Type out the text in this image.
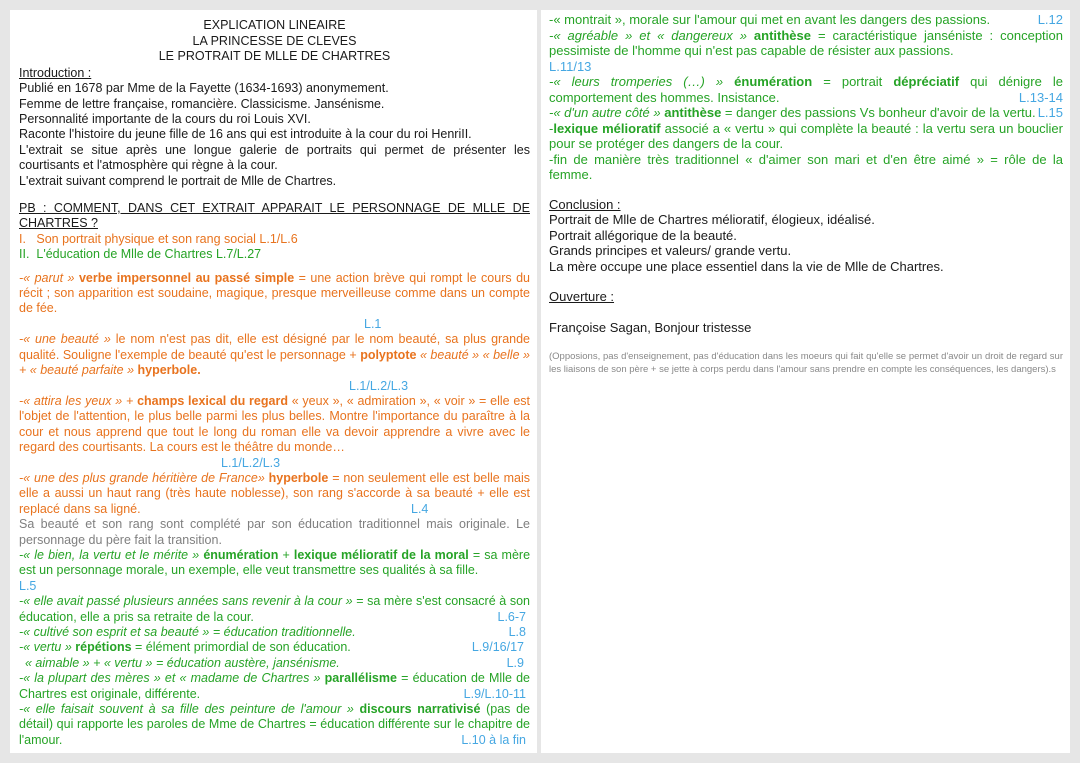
EXPLICATION LINEAIRE
LA PRINCESSE DE CLEVES
LE PROTRAIT DE MLLE DE CHARTRES
Introduction :
Publié en 1678 par Mme de la Fayette (1634-1693) anonymement.
Femme de lettre française, romancière. Classicisme. Jansénisme.
Personnalité importante de la cours du roi Louis XVI.
Raconte l'histoire du jeune fille de 16 ans qui est introduite à la cour du roi HenriII.
L'extrait se situe après une longue galerie de portraits qui permet de présenter les courtisants et l'atmosphère qui règne à la cour.
L'extrait suivant comprend le portrait de Mlle de Chartres.
PB : COMMENT, DANS CET EXTRAIT APPARAIT LE PERSONNAGE DE MLLE DE CHARTRES ?
I. Son portrait physique et son rang social L.1/L.6
II. L'éducation de Mlle de Chartres L.7/L.27
-« parut » verbe impersonnel au passé simple = une action brève qui rompt le cours du récit ; son apparition est soudaine, magique, presque merveilleuse comme dans un compte de fée.
L.1
-« une beauté » le nom n'est pas dit, elle est désigné par le nom beauté, sa plus grande qualité. Souligne l'exemple de beauté qu'est le personnage + polyptote « beauté » « belle » + « beauté parfaite » hyperbole.
L.1/L.2/L.3
-« attira les yeux » + champs lexical du regard « yeux », « admiration », « voir » = elle est l'objet de l'attention, le plus belle parmi les plus belles. Montre l'importance du paraître à la cour et nous apprend que tout le long du roman elle va devoir apprendre a vivre avec le regard des courtisants. La cours est le théâtre du monde…
L.1/L.2/L.3
-« une des plus grande héritière de France» hyperbole = non seulement elle est belle mais elle a aussi un haut rang (très haute noblesse), son rang s'accorde à sa beauté + elle est replacé dans sa ligné.	L.4
Sa beauté et son rang sont complété par son éducation traditionnel mais originale. Le personnage du père fait la transition.
-« le bien, la vertu et le mérite » énumération + lexique mélioratif de la moral = sa mère est un personnage morale, un exemple, elle veut transmettre ses qualités à sa fille.
L.5
-« elle avait passé plusieurs années sans revenir à la cour » = sa mère s'est consacré à son éducation, elle a pris sa retraite de la cour.	L.6-7
-« cultivé son esprit et sa beauté » = éducation traditionnelle.	L.8
-« vertu » répétions = élément primordial de son éducation.	L.9/16/17
« aimable » + « vertu » = éducation austère, jansénisme.	L.9
-« la plupart des mères » et « madame de Chartres » parallélisme = éducation de Mlle de Chartres est originale, différente.	L.9/L.10-11
-« elle faisait souvent à sa fille des peinture de l'amour » discours narrativisé (pas de détail) qui rapporte les paroles de Mme de Chartres = éducation différente sur le chapitre de l'amour.	L.10 à la fin
-« montrait », morale sur l'amour qui met en avant les dangers des passions.	L.12
-« agréable » et « dangereux » antithèse = caractéristique janséniste : conception pessimiste de l'homme qui n'est pas capable de résister aux passions.
L.11/13
-« leurs tromperies (…) » énumération = portrait dépréciatif qui dénigre le comportement des hommes. Insistance.	L.13-14
-« d'un autre côté » antithèse = danger des passions Vs bonheur d'avoir de la vertu. L.15
-lexique mélioratif associé a « vertu » qui complète la beauté : la vertu sera un bouclier pour se protéger des dangers de la cour.
-fin de manière très traditionnel « d'aimer son mari et d'en être aimé » = rôle de la femme.
Conclusion :
Portrait de Mlle de Chartres mélioratif, élogieux, idéalisé.
Portrait allégorique de la beauté.
Grands principes et valeurs/ grande vertu.
La mère occupe une place essentiel dans la vie de Mlle de Chartres.
Ouverture :
Françoise Sagan, Bonjour tristesse
(Opposions, pas d'enseignement, pas d'éducation dans les moeurs qui fait qu'elle se permet d'avoir un droit de regard sur les liaisons de son père + se jette à corps perdu dans l'amour sans prendre en compte les conséquences, les dangers).s
